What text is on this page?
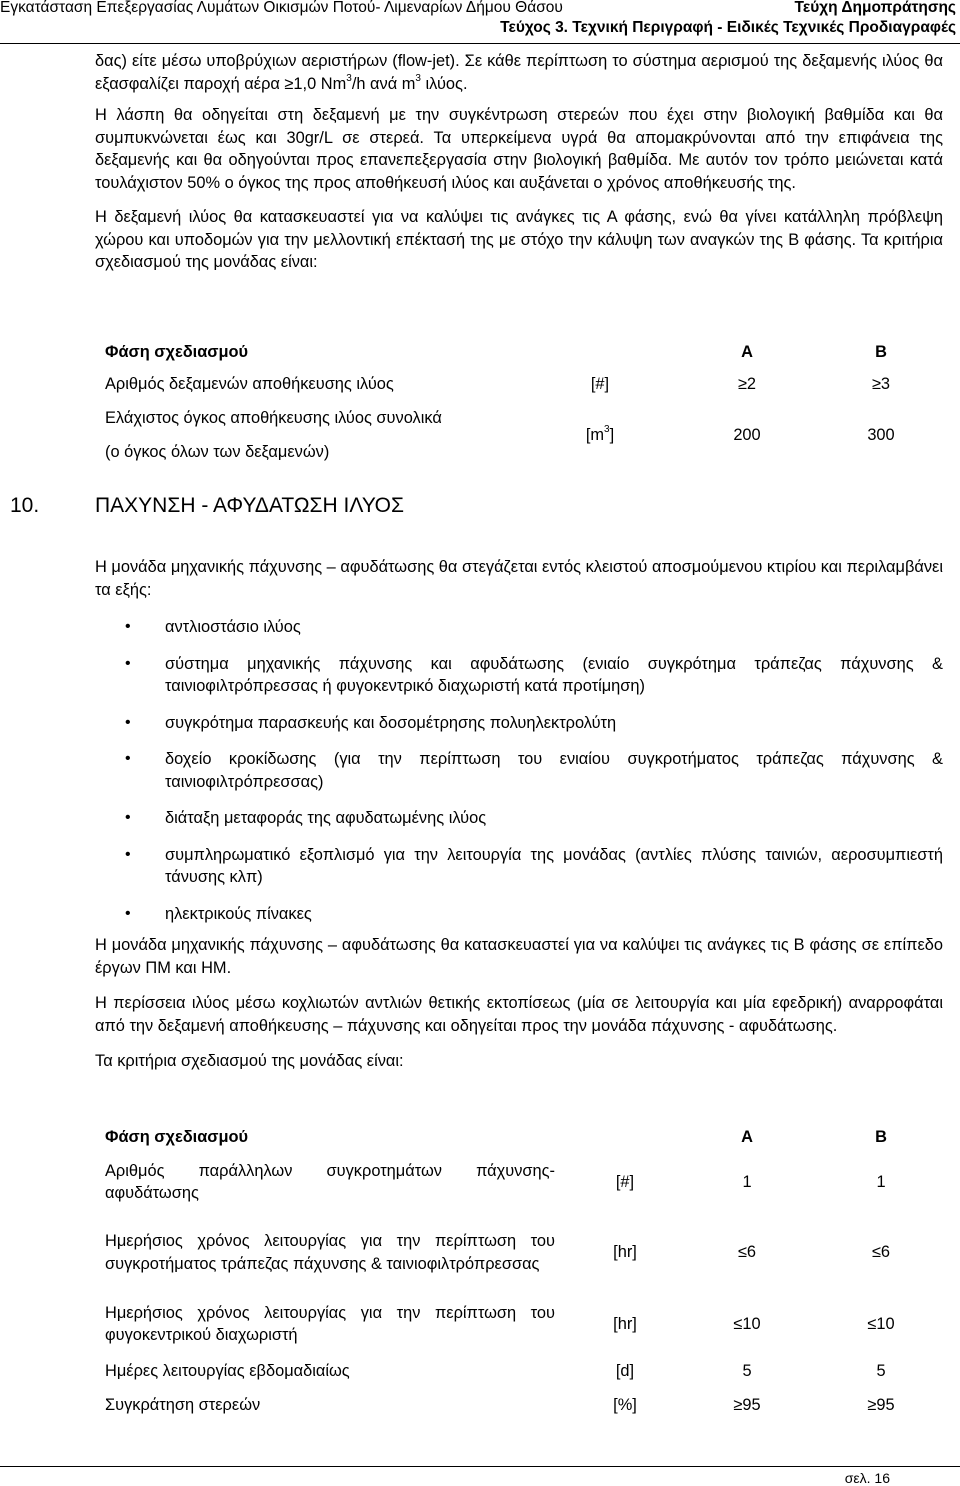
Εγκατάσταση Επεξεργασίας Λυμάτων Οικισμών Ποτού- Λιμεναρίων Δήμου Θάσου	Τεύχη Δημοπράτησης
Τεύχος 3. Τεχνική Περιγραφή - Ειδικές Τεχνικές Προδιαγραφές

δας) είτε μέσω υποβρύχιων αεριστήρων (flow-jet). Σε κάθε περίπτωση το σύστημα αερισμού της δεξαμενής ιλύος θα εξασφαλίζει παροχή αέρα ≥1,0 Nm$^3$/h ανά $m^3$ ιλύος.

Η λάσπη θα οδηγείται στη δεξαμενή με την συγκέντρωση στερεών που έχει στην βιολογική βαθμίδα και θα συμπυκνώνεται έως και 30gr/L σε στερεά. Τα υπερκείμενα υγρά θα απομακρύνονται από την επιφάνεια της δεξαμενής και θα οδηγούνται προς επανεπεξεργασία στην βιολογική βαθμίδα. Με αυτόν τον τρόπο μειώνεται κατά τουλάχιστον 50% ο όγκος της προς αποθήκευσή ιλύος και αυξάνεται ο χρόνος αποθήκευσής της.

Η δεξαμενή ιλύος θα κατασκευαστεί για να καλύψει τις ανάγκες τις Α φάσης, ενώ θα γίνει κατάλληλη πρόβλεψη χώρου και υποδομών για την μελλοντική επέκτασή της με στόχο την κάλυψη των αναγκών της Β φάσης. Τα κριτήρια σχεδιασμού της μονάδας είναι:

Φάση σχεδιασμού		Α	Β
Αριθμός δεξαμενών αποθήκευσης ιλύος	[#]	≥2	≥3

Ελάχιστος όγκος αποθήκευσης ιλύος συνολικά
(ο όγκος όλων των δεξαμενών)	$[m^3]$	200	300
10.	ΠΑΧΥΝΣΗ - ΑΦΥΔΑΤΩΣΗ ΙΛΥΟΣ

Η μονάδα μηχανικής πάχυνσης – αφυδάτωσης θα στεγάζεται εντός κλειστού αποσμούμενου κτιρίου και περιλαμβάνει τα εξής:

• αντλιοστάσιο ιλύος
• σύστημα μηχανικής πάχυνσης και αφυδάτωσης (ενιαίο συγκρότημα τράπεζας πάχυνσης & ταινιοφιλτρόπρεσσας ή φυγοκεντρικό διαχωριστή κατά προτίμηση)
• συγκρότημα παρασκευής και δοσομέτρησης πολυηλεκτρολύτη
• δοχείο κροκίδωσης (για την περίπτωση του ενιαίου συγκροτήματος τράπεζας πάχυνσης & ταινιοφιλτρόπρεσσας)
• διάταξη μεταφοράς της αφυδατωμένης ιλύος
• συμπληρωματικό εξοπλισμό για την λειτουργία της μονάδας (αντλίες πλύσης ταινιών, αεροσυμπιεστή τάνυσης κλπ)
• ηλεκτρικούς πίνακες

Η μονάδα μηχανικής πάχυνσης – αφυδάτωσης θα κατασκευαστεί για να καλύψει τις ανάγκες τις Β φάσης σε επίπεδο έργων ΠΜ και ΗΜ.

Η περίσσεια ιλύος μέσω κοχλιωτών αντλιών θετικής εκτοπίσεως (μία σε λειτουργία και μία εφεδρική) αναρροφάται από την δεξαμενή αποθήκευσης – πάχυνσης και οδηγείται προς την μονάδα πάχυνσης - αφυδάτωσης.

Τα κριτήρια σχεδιασμού της μονάδας είναι:

Φάση σχεδιασμού		Α	Β
Αριθμός παράλληλων συγκροτημάτων πάχυνσης-αφυδάτωσης	[#]	1	1
Ημερήσιος χρόνος λειτουργίας για την περίπτωση του συγκροτήματος τράπεζας πάχυνσης & ταινιοφιλτρόπρεσσας	[hr]	≤6	≤6
Ημερήσιος χρόνος λειτουργίας για την περίπτωση του φυγοκεντρικού διαχωριστή	[hr]	≤10	≤10
Ημέρες λειτουργίας εβδομαδιαίως	[d]	5	5
Συγκράτηση στερεών	[%]	≥95	≥95
σελ. 16
